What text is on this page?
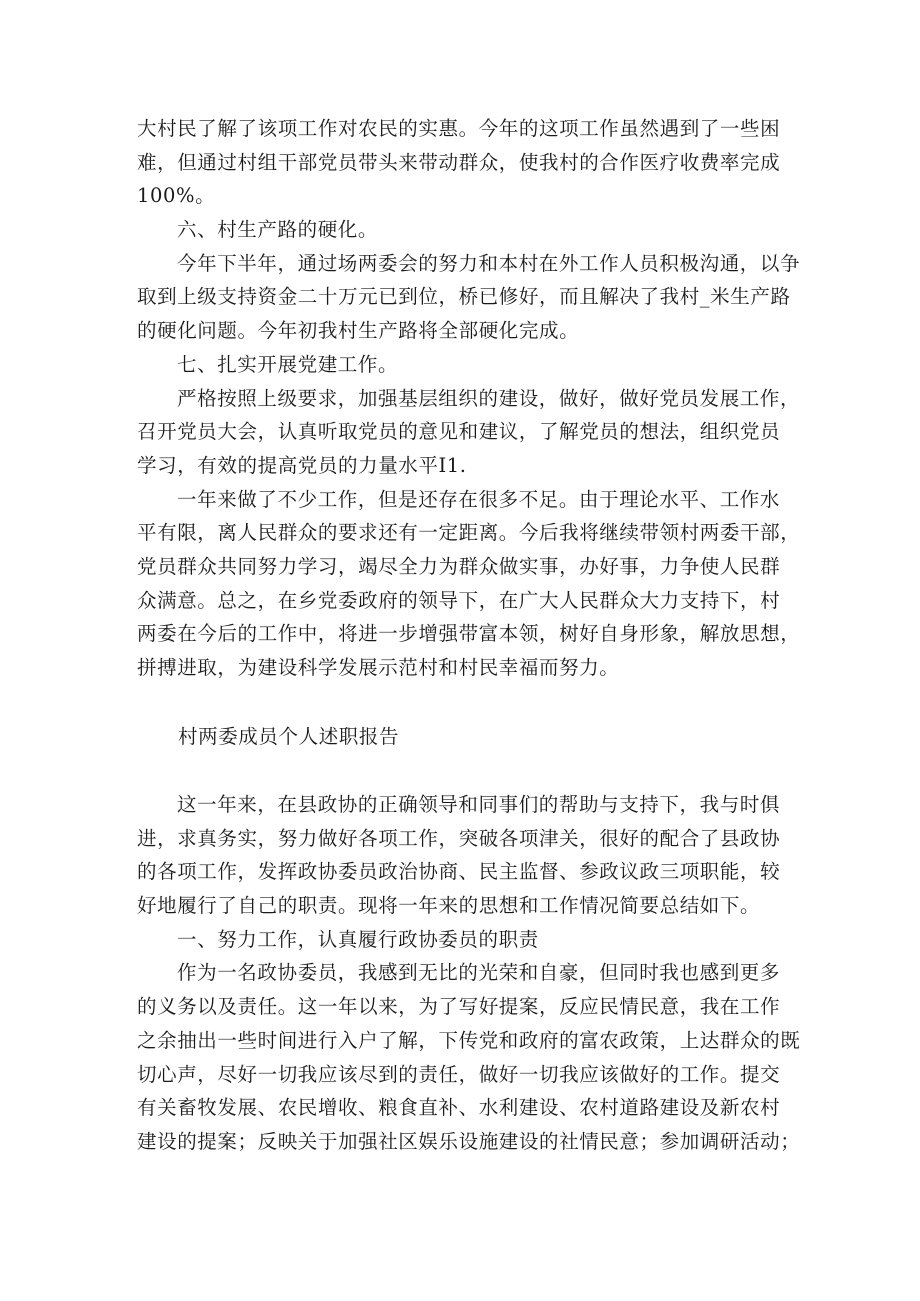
大村民了解了该项工作对农民的实惠。今年的这项工作虽然遇到了一些困
难，但通过村组干部党员带头来带动群众，使我村的合作医疗收费率完成
100%。
六、村生产路的硬化。
今年下半年，通过场两委会的努力和本村在外工作人员积极沟通，以争
取到上级支持资金二十万元已到位，桥已修好，而且解决了我村_米生产路
的硬化问题。今年初我村生产路将全部硬化完成。
七、扎实开展党建工作。
严格按照上级要求，加强基层组织的建设，做好，做好党员发展工作，
召开党员大会，认真听取党员的意见和建议，了解党员的想法，组织党员
学习，有效的提高党员的力量水平I1.
一年来做了不少工作，但是还存在很多不足。由于理论水平、工作水
平有限，离人民群众的要求还有一定距离。今后我将继续带领村两委干部，
党员群众共同努力学习，竭尽全力为群众做实事，办好事，力争使人民群
众满意。总之，在乡党委政府的领导下，在广大人民群众大力支持下，村
两委在今后的工作中，将进一步增强带富本领，树好自身形象，解放思想，
拼搏进取，为建设科学发展示范村和村民幸福而努力。
村两委成员个人述职报告
这一年来，在县政协的正确领导和同事们的帮助与支持下，我与时俱
进，求真务实，努力做好各项工作，突破各项津关，很好的配合了县政协
的各项工作，发挥政协委员政治协商、民主监督、参政议政三项职能，较
好地履行了自己的职责。现将一年来的思想和工作情况简要总结如下。
一、努力工作，认真履行政协委员的职责
作为一名政协委员，我感到无比的光荣和自豪，但同时我也感到更多
的义务以及责任。这一年以来，为了写好提案，反应民情民意，我在工作
之余抽出一些时间进行入户了解，下传党和政府的富农政策，上达群众的既
切心声，尽好一切我应该尽到的责任，做好一切我应该做好的工作。提交
有关畜牧发展、农民增收、粮食直补、水利建设、农村道路建设及新农村
建设的提案；反映关于加强社区娱乐设施建设的社情民意；参加调研活动；
